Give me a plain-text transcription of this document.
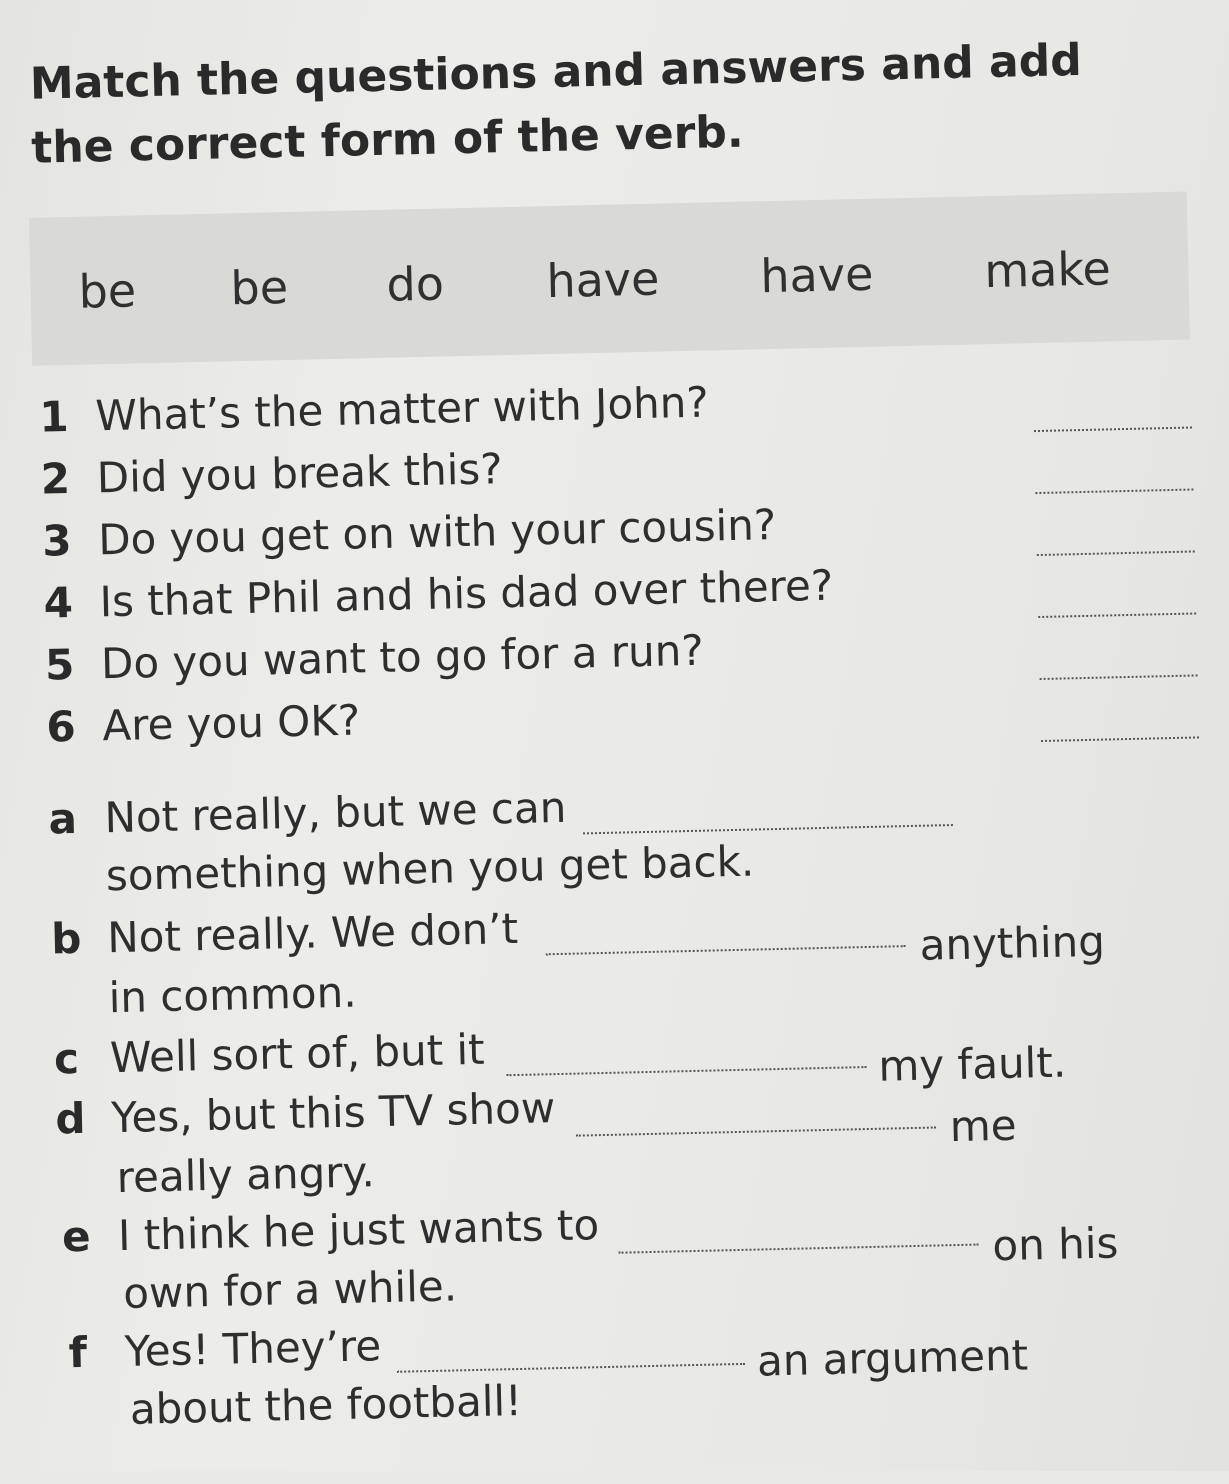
Match the questions and answers and add the correct form of the verb.

be be do have have make
1 What’s the matter with John?
2 Did you break this?
3 Do you get on with your cousin?
4 Is that Phil and his dad over there?
5 Do you want to go for a run?
6 Are you OK?
a Not really, but we can
something when you get back.
b Not really. We don’t	anything
in common.
c Well sort of, but it	my fault.
d Yes, but this TV show	me
really angry.
e I think he just wants to	on his
own for a while.
f Yes! They’re	an argument
about the football!
